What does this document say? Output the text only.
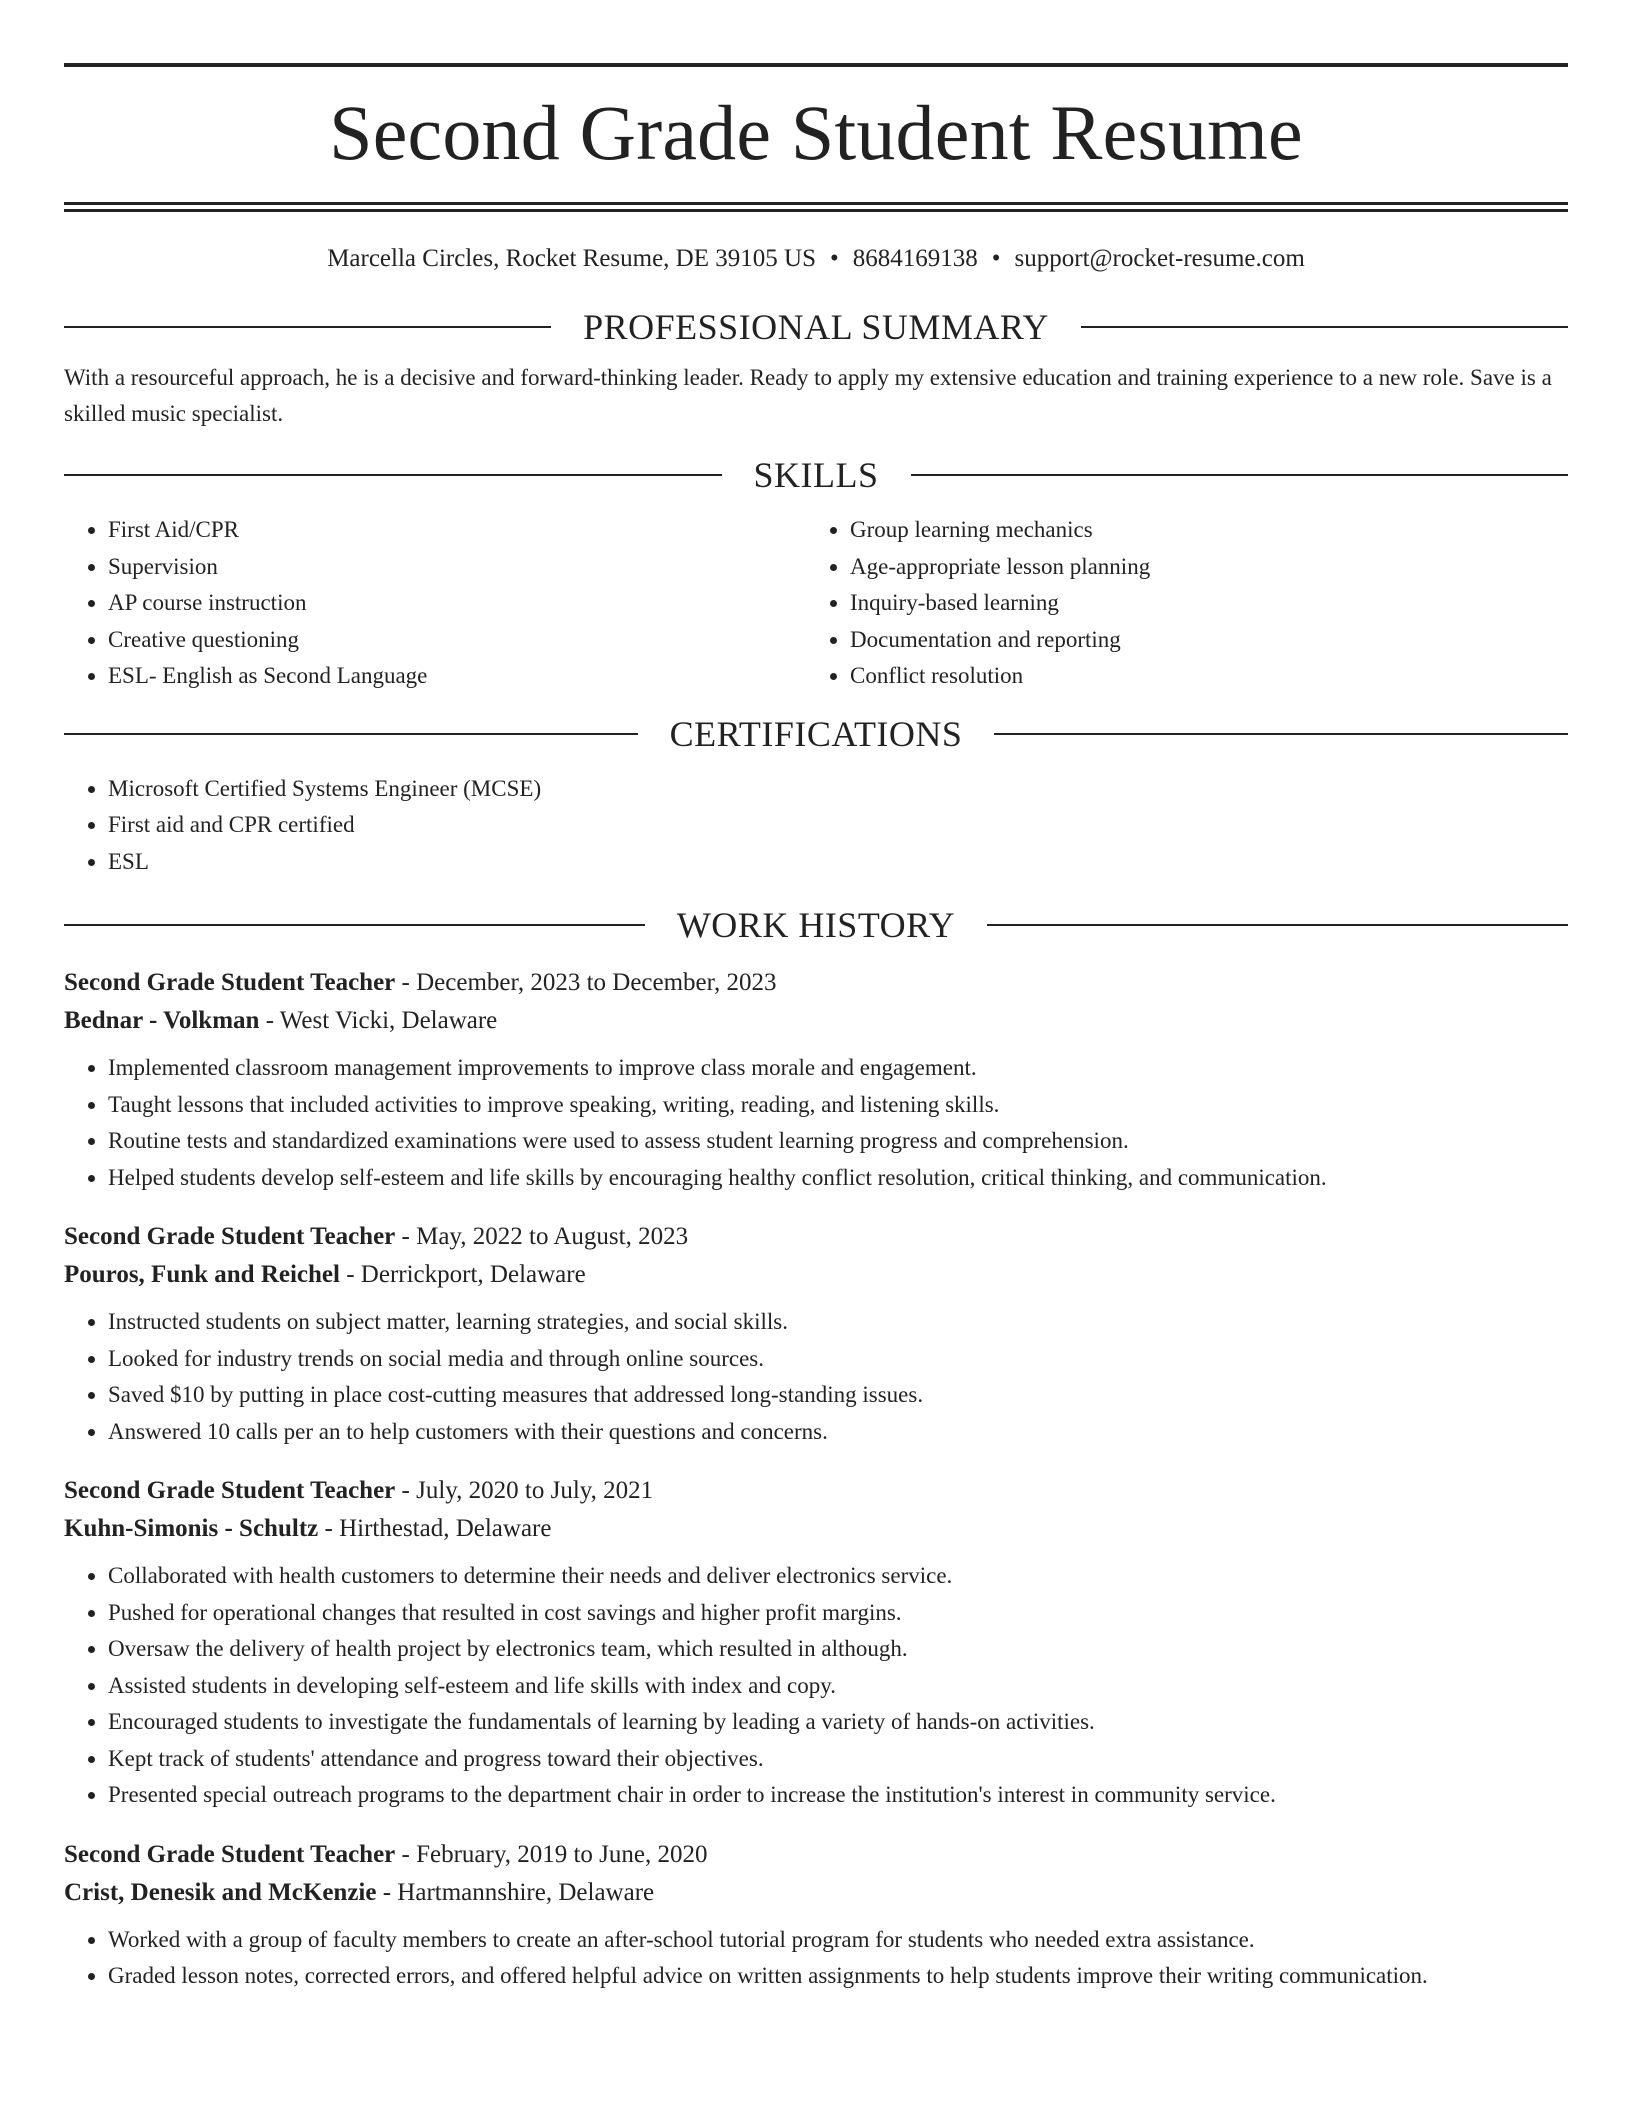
Second Grade Student Resume
Marcella Circles, Rocket Resume, DE 39105 US • 8684169138 • support@rocket-resume.com
PROFESSIONAL SUMMARY

With a resourceful approach, he is a decisive and forward-thinking leader. Ready to apply my extensive education and training experience to a new role. Save is a skilled music specialist.

SKILLS
• First Aid/CPR
• Supervision
• AP course instruction
• Creative questioning
• ESL- English as Second Language
• Group learning mechanics
• Age-appropriate lesson planning
• Inquiry-based learning
• Documentation and reporting
• Conflict resolution
CERTIFICATIONS
• Microsoft Certified Systems Engineer (MCSE)
• First aid and CPR certified
• ESL
WORK HISTORY
Second Grade Student Teacher - December, 2023 to December, 2023
Bednar - Volkman - West Vicki, Delaware
• Implemented classroom management improvements to improve class morale and engagement.
• Taught lessons that included activities to improve speaking, writing, reading, and listening skills.
• Routine tests and standardized examinations were used to assess student learning progress and comprehension.
• Helped students develop self-esteem and life skills by encouraging healthy conflict resolution, critical thinking, and communication.
Second Grade Student Teacher - May, 2022 to August, 2023
Pouros, Funk and Reichel - Derrickport, Delaware
• Instructed students on subject matter, learning strategies, and social skills.
• Looked for industry trends on social media and through online sources.
• Saved $10 by putting in place cost-cutting measures that addressed long-standing issues.
• Answered 10 calls per an to help customers with their questions and concerns.
Second Grade Student Teacher - July, 2020 to July, 2021
Kuhn-Simonis - Schultz - Hirthestad, Delaware
• Collaborated with health customers to determine their needs and deliver electronics service.
• Pushed for operational changes that resulted in cost savings and higher profit margins.
• Oversaw the delivery of health project by electronics team, which resulted in although.
• Assisted students in developing self-esteem and life skills with index and copy.
• Encouraged students to investigate the fundamentals of learning by leading a variety of hands-on activities.
• Kept track of students' attendance and progress toward their objectives.
• Presented special outreach programs to the department chair in order to increase the institution's interest in community service.
Second Grade Student Teacher - February, 2019 to June, 2020
Crist, Denesik and McKenzie - Hartmannshire, Delaware
• Worked with a group of faculty members to create an after-school tutorial program for students who needed extra assistance.
• Graded lesson notes, corrected errors, and offered helpful advice on written assignments to help students improve their writing communication.
